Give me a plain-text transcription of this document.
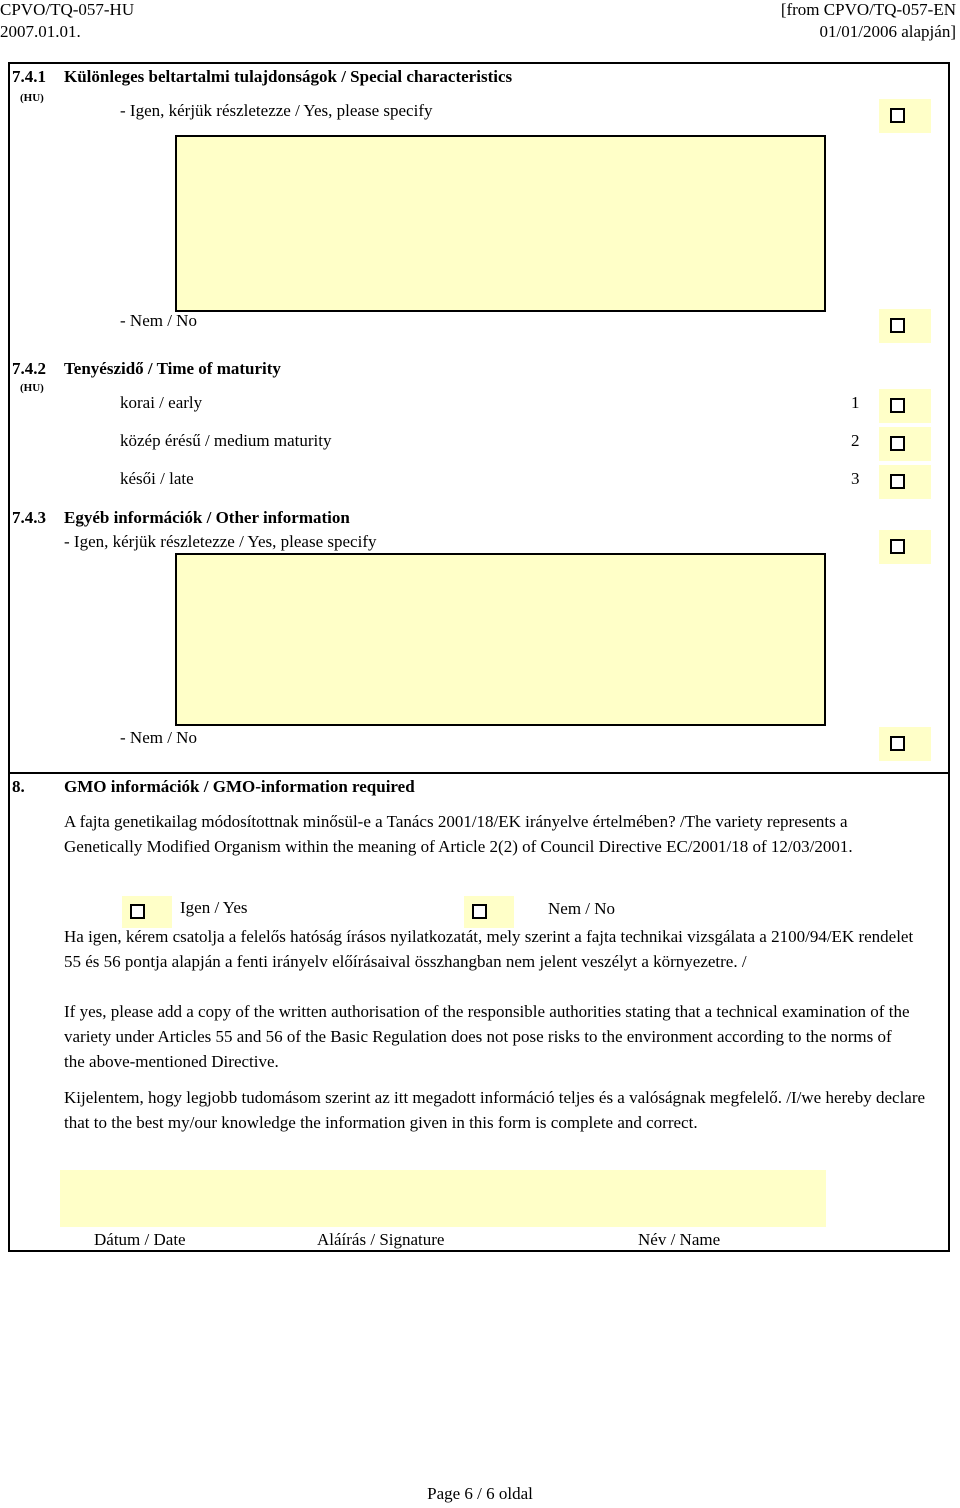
CPVO/TQ-057-HU
2007.01.01.
[from CPVO/TQ-057-EN
01/01/2006 alapján]
7.4.1 Különleges beltartalmi tulajdonságok / Special characteristics
(HU)
- Igen, kérjük részletezze / Yes, please specify
- Nem / No
7.4.2 Tenyészidő / Time of maturity
(HU)
korai / early	1
közép érésű / medium maturity	2
késői / late	3
7.4.3 Egyéb információk / Other information
- Igen, kérjük részletezze / Yes, please specify
- Nem / No
8. GMO információk / GMO-information required
A fajta genetikailag módosítottnak minősül-e a Tanács 2001/18/EK irányelve értelmében? /The variety represents a Genetically Modified Organism within the meaning of Article 2(2) of Council Directive EC/2001/18 of 12/03/2001.
Igen / Yes	Nem / No
Ha igen, kérem csatolja a felelős hatóság írásos nyilatkozatát, mely szerint a fajta technikai vizsgálata a 2100/94/EK rendelet 55 és 56 pontja alapján a fenti irányelv előírásaival összhangban nem jelent veszélyt a környezetre. /
If yes, please add a copy of the written authorisation of the responsible authorities stating that a technical examination of the variety under Articles 55 and 56 of the Basic Regulation does not pose risks to the environment according to the norms of the above-mentioned Directive.
Kijelentem, hogy legjobb tudomásom szerint az itt megadott információ teljes és a valóságnak megfelelő. /I/we hereby declare that to the best my/our knowledge the information given in this form is complete and correct.
Dátum / Date	Aláírás / Signature	Név / Name
Page 6 / 6 oldal
